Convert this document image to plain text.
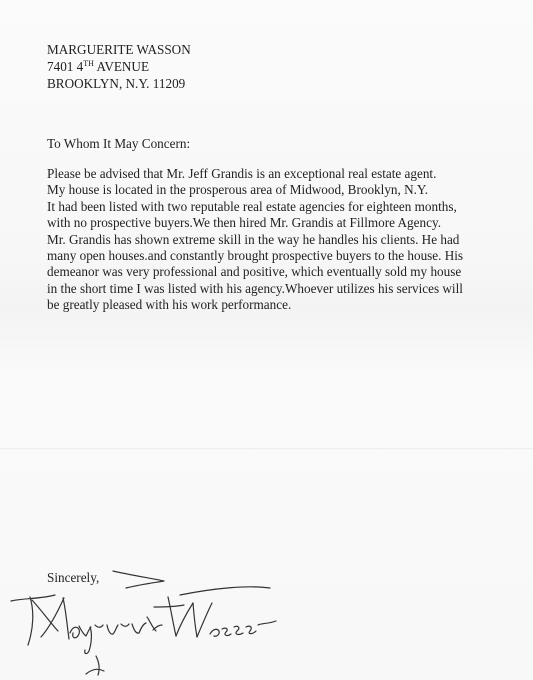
MARGUERITE WASSON
7401 4TH AVENUE
BROOKLYN, N.Y. 11209
To Whom It May Concern:
Please be advised that Mr. Jeff Grandis is an exceptional real estate agent.
My house is located in the prosperous area of Midwood, Brooklyn, N.Y.
It had been listed with two reputable real estate agencies for eighteen months,
with no prospective buyers.We then hired Mr. Grandis at Fillmore Agency.
Mr. Grandis has shown extreme skill in the way he handles his clients. He had
many open houses.and constantly brought prospective buyers to the house. His
demeanor was very professional and positive, which eventually sold my house
in the short time I was listed with his agency.Whoever utilizes his services will
be greatly pleased with his work performance.
Sincerely,
